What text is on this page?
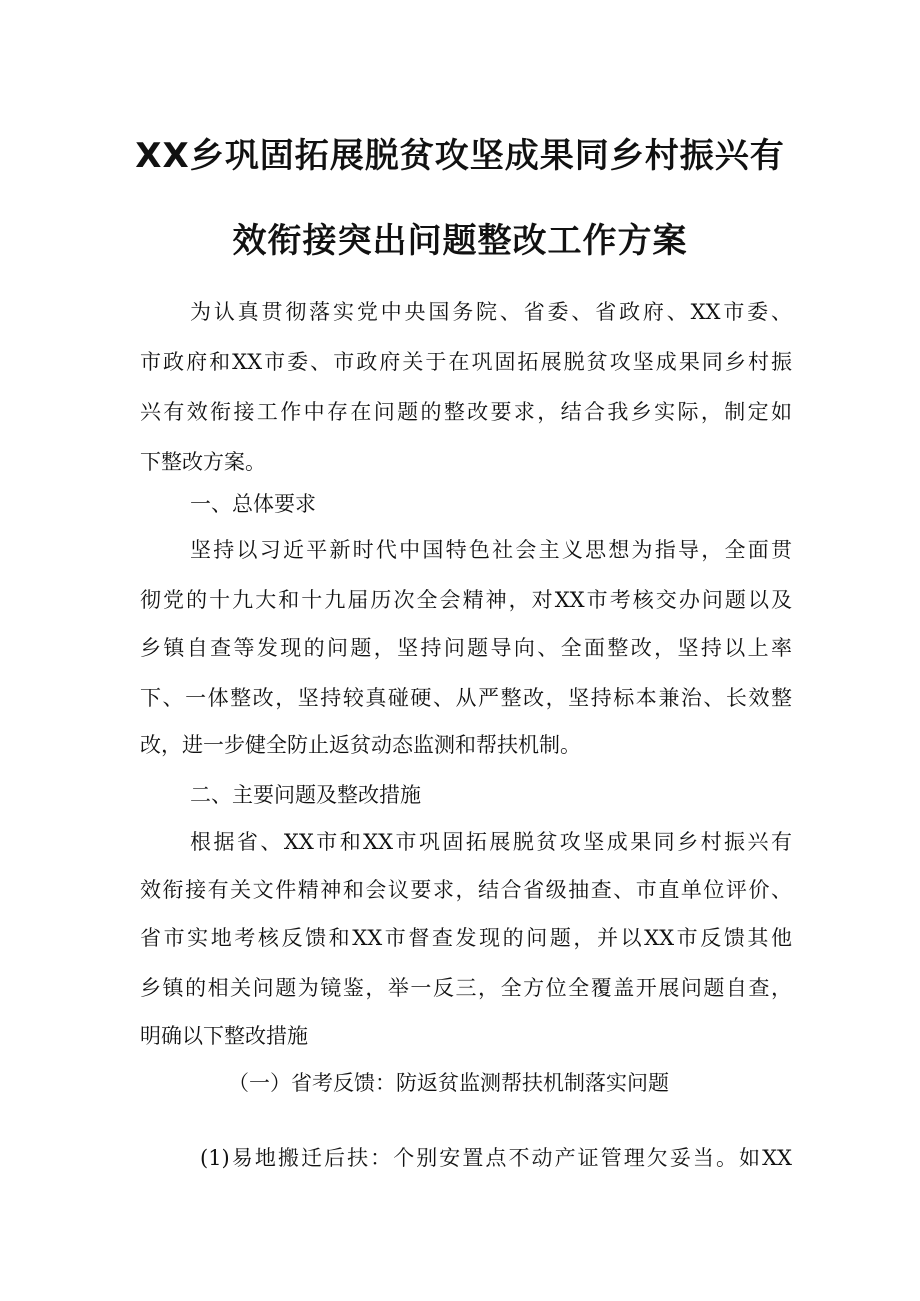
XX乡巩固拓展脱贫攻坚成果同乡村振兴有
效衔接突出问题整改工作方案
为认真贯彻落实党中央国务院、省委、省政府、XX市委、
市政府和XX市委、市政府关于在巩固拓展脱贫攻坚成果同乡村振
兴有效衔接工作中存在问题的整改要求，结合我乡实际，制定如
下整改方案。
一、总体要求
坚持以习近平新时代中国特色社会主义思想为指导，全面贯
彻党的十九大和十九届历次全会精神，对XX市考核交办问题以及
乡镇自查等发现的问题，坚持问题导向、全面整改，坚持以上率
下、一体整改，坚持较真碰硬、从严整改，坚持标本兼治、长效整
改，进一步健全防止返贫动态监测和帮扶机制。
二、主要问题及整改措施
根据省、XX市和XX市巩固拓展脱贫攻坚成果同乡村振兴有
效衔接有关文件精神和会议要求，结合省级抽查、市直单位评价、
省市实地考核反馈和XX市督查发现的问题，并以XX市反馈其他
乡镇的相关问题为镜鉴，举一反三，全方位全覆盖开展问题自查，
明确以下整改措施
（一）省考反馈：防返贫监测帮扶机制落实问题
(1)易地搬迁后扶：个别安置点不动产证管理欠妥当。如XX
